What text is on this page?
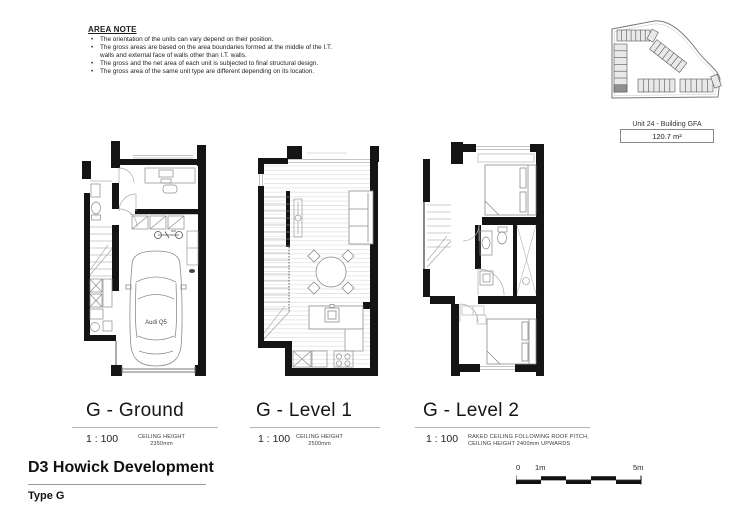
AREA NOTE
• The orientation of the units can vary depend on their position.
• The gross areas are based on the area boundaries formed at the middle of the I.T. walls and external face of walls other than I.T. walls.
• The gross and the net area of each unit is subjected to final structural design.
• The gross area of the same unit type are different depending on its location.
Unit 24 - Building GFA
120.7 m²
Audi Q5
G - Ground
1 : 100	CEILING HEIGHT
2350mm
G - Level 1
1 : 100 CEILING HEIGHT
2500mm
G - Level 2
1 : 100 RAKED CEILING FOLLOWING ROOF PITCH,
CEILING HEIGHT 2400mm UPWARDS
D3 Howick Development
Type G
0 1m	5m
